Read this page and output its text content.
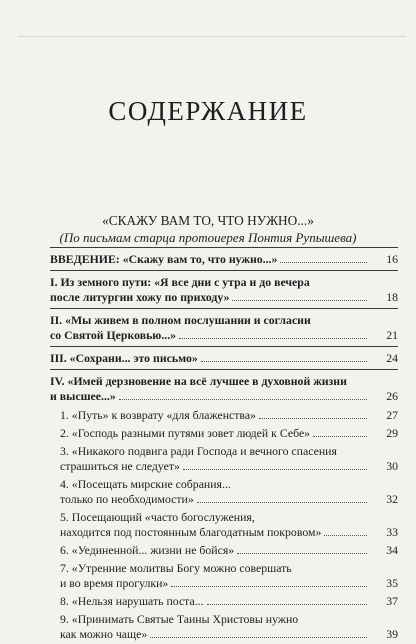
СОДЕРЖАНИЕ
«СКАЖУ ВАМ ТО, ЧТО НУЖНО...»
(По письмам старца протоиерея Понтия Рупышева)
ВВЕДЕНИЕ: «Скажу вам то, что нужно...»	16
I. Из земного пути: «Я все дни с утра и до вечера
после литургии хожу по приходу»	18
II. «Мы живем в полном послушании и согласии
со Святой Церковью...»	21
III. «Сохрани... это письмо»	24
IV. «Имей дерзновение на всё лучшее в духовной жизни
и высшее...»	26
1. «Путь» к возврату «для блаженства»	27
2. «Господь разными путями зовет людей к Себе»	29
3. «Никакого подвига ради Господа и вечного спасения
страшиться не следует»	30
4. «Посещать мирские собрания...
только по необходимости»	32
5. Посещающий «часто богослужения,
находится под постоянным благодатным покровом»	33
6. «Уединенной... жизни не бойся»	34
7. «Утренние молитвы Богу можно совершать
и во время прогулки»	35
8. «Нельзя нарушать поста...	37
9. «Принимать Святые Таины Христовы нужно
как можно чаще»	39
